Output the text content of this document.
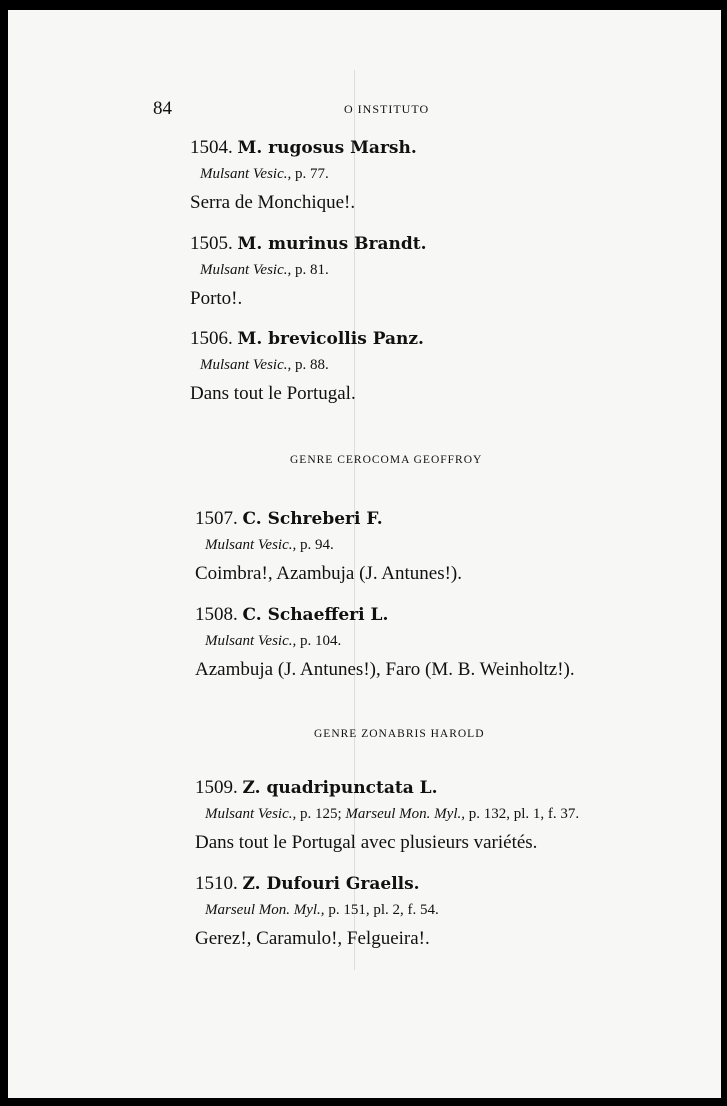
84	O INSTITUTO
1504. M. rugosus Marsh.
Mulsant Vesic., p. 77.
Serra de Monchique!.
1505. M. murinus Brandt.
Mulsant Vesic., p. 81.
Porto!.
1506. M. brevicollis Panz.
Mulsant Vesic., p. 88.
Dans tout le Portugal.
GENRE CEROCOMA GEOFFROY
1507. C. Schreberi F.
Mulsant Vesic., p. 94.
Coimbra!, Azambuja (J. Antunes!).
1508. C. Schaefferi L.
Mulsant Vesic., p. 104.
Azambuja (J. Antunes!), Faro (M. B. Weinholtz!).
GENRE ZONABRIS HAROLD
1509. Z. quadripunctata L.
Mulsant Vesic., p. 125; Marseul Mon. Myl., p. 132, pl. 1, f. 37.
Dans tout le Portugal avec plusieurs variétés.
1510. Z. Dufouri Graells.
Marseul Mon. Myl., p. 151, pl. 2, f. 54.
Gerez!, Caramulo!, Felgueira!.
